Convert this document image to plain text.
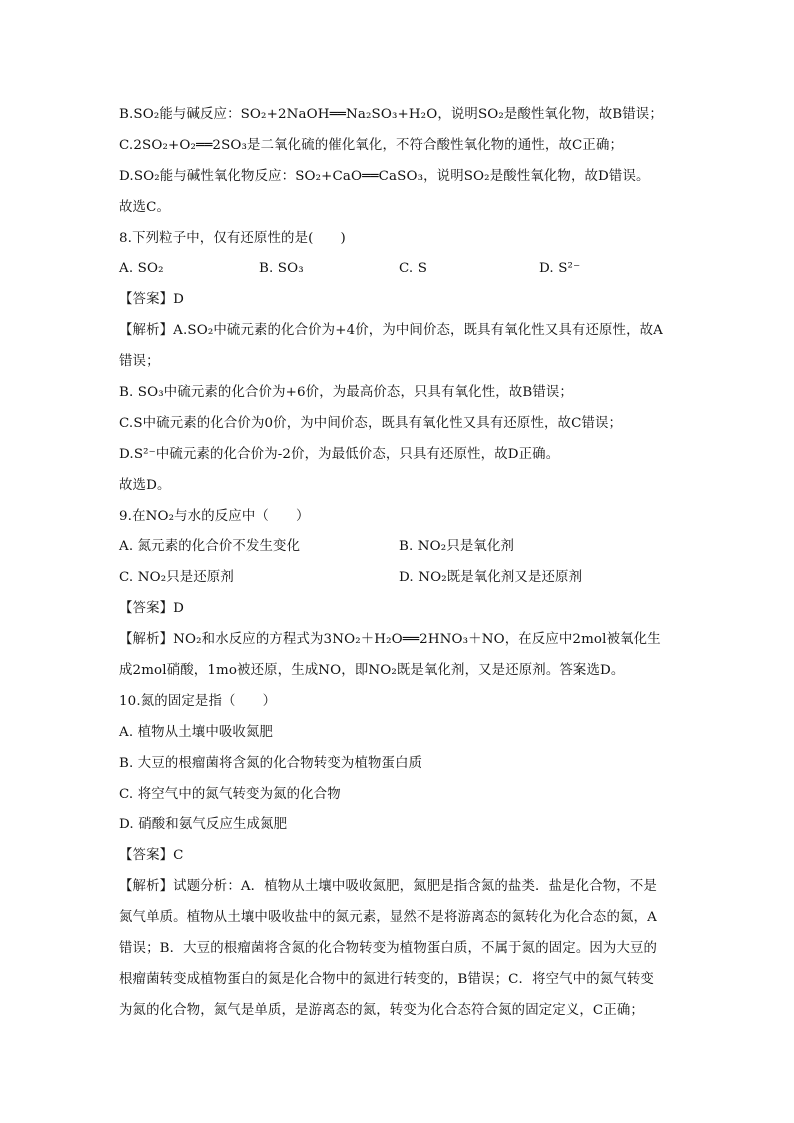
B.SO₂能与碱反应：SO₂+2NaOH══Na₂SO₃+H₂O，说明SO₂是酸性氧化物，故B错误；
C.2SO₂+O₂══2SO₃是二氧化硫的催化氧化，不符合酸性氧化物的通性，故C正确；
D.SO₂能与碱性氧化物反应：SO₂+CaO══CaSO₃，说明SO₂是酸性氧化物，故D错误。
故选C。
8.下列粒子中，仅有还原性的是(　　)
A. SO₂	B. SO₃	C. S	D. S²⁻
【答案】D
【解析】A.SO₂中硫元素的化合价为+4价，为中间价态，既具有氧化性又具有还原性，故A
错误；
B. SO₃中硫元素的化合价为+6价，为最高价态，只具有氧化性，故B错误；
C.S中硫元素的化合价为0价，为中间价态，既具有氧化性又具有还原性，故C错误；
D.S²⁻中硫元素的化合价为-2价，为最低价态，只具有还原性，故D正确。
故选D。
9.在NO₂与水的反应中（　　）
A. 氮元素的化合价不发生变化	B. NO₂只是氧化剂
C. NO₂只是还原剂	D. NO₂既是氧化剂又是还原剂
【答案】D
【解析】NO₂和水反应的方程式为3NO₂＋H₂O══2HNO₃＋NO，在反应中2mol被氧化生
成2mol硝酸，1mo被还原，生成NO，即NO₂既是氧化剂，又是还原剂。答案选D。
10.氮的固定是指（　　）
A. 植物从土壤中吸收氮肥
B. 大豆的根瘤菌将含氮的化合物转变为植物蛋白质
C. 将空气中的氮气转变为氮的化合物
D. 硝酸和氨气反应生成氮肥
【答案】C
【解析】试题分析：A．植物从土壤中吸收氮肥，氮肥是指含氮的盐类．盐是化合物，不是
氮气单质。植物从土壤中吸收盐中的氮元素，显然不是将游离态的氮转化为化合态的氮，A
错误；B．大豆的根瘤菌将含氮的化合物转变为植物蛋白质，不属于氮的固定。因为大豆的
根瘤菌转变成植物蛋白的氮是化合物中的氮进行转变的，B错误；C．将空气中的氮气转变
为氮的化合物，氮气是单质，是游离态的氮，转变为化合态符合氮的固定定义，C正确；
